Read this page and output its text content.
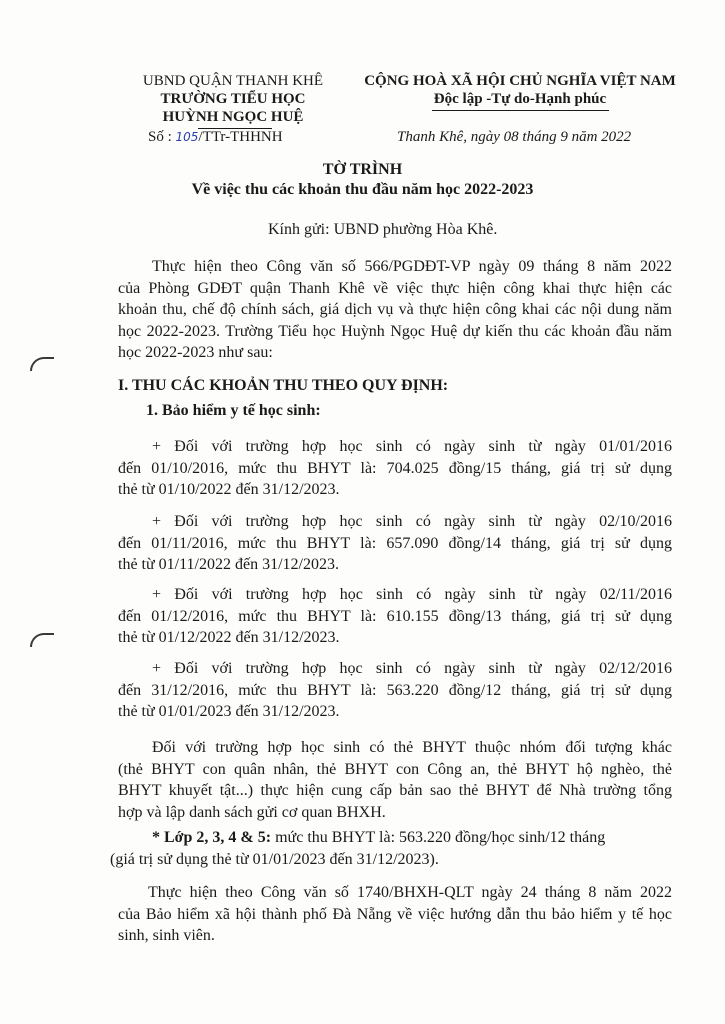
UBND QUẬN THANH KHÊ
TRƯỜNG TIỂU HỌC
HUỲNH NGỌC HUỆ
Số : 105/TTr-THHNH
CỘNG HOÀ XÃ HỘI CHỦ NGHĨA VIỆT NAM
Độc lập -Tự do-Hạnh phúc
Thanh Khê, ngày 08 tháng 9 năm 2022
TỜ TRÌNH
Về việc thu các khoản thu đầu năm học 2022-2023
Kính gửi: UBND phường Hòa Khê.
Thực hiện theo Công văn số 566/PGDĐT-VP ngày 09 tháng 8 năm 2022
của Phòng GDĐT quận Thanh Khê về việc thực hiện công khai thực hiện các
khoản thu, chế độ chính sách, giá dịch vụ và thực hiện công khai các nội dung năm
học 2022-2023. Trường Tiểu học Huỳnh Ngọc Huệ dự kiến thu các khoản đầu năm
học 2022-2023 như sau:
I. THU CÁC KHOẢN THU THEO QUY ĐỊNH:
1. Bảo hiểm y tế học sinh:
+ Đối với trường hợp học sinh có ngày sinh từ ngày 01/01/2016
đến 01/10/2016, mức thu BHYT là: 704.025 đồng/15 tháng, giá trị sử dụng
thẻ từ 01/10/2022 đến 31/12/2023.
+ Đối với trường hợp học sinh có ngày sinh từ ngày 02/10/2016
đến 01/11/2016, mức thu BHYT là: 657.090 đồng/14 tháng, giá trị sử dụng
thẻ từ 01/11/2022 đến 31/12/2023.
+ Đối với trường hợp học sinh có ngày sinh từ ngày 02/11/2016
đến 01/12/2016, mức thu BHYT là: 610.155 đồng/13 tháng, giá trị sử dụng
thẻ từ 01/12/2022 đến 31/12/2023.
+ Đối với trường hợp học sinh có ngày sinh từ ngày 02/12/2016
đến 31/12/2016, mức thu BHYT là: 563.220 đồng/12 tháng, giá trị sử dụng
thẻ từ 01/01/2023 đến 31/12/2023.
Đối với trường hợp học sinh có thẻ BHYT thuộc nhóm đối tượng khác
(thẻ BHYT con quân nhân, thẻ BHYT con Công an, thẻ BHYT hộ nghèo, thẻ
BHYT khuyết tật...) thực hiện cung cấp bản sao thẻ BHYT để Nhà trường tổng
hợp và lập danh sách gửi cơ quan BHXH.
* Lớp 2, 3, 4 & 5: mức thu BHYT là: 563.220 đồng/học sinh/12 tháng
(giá trị sử dụng thẻ từ 01/01/2023 đến 31/12/2023).
Thực hiện theo Công văn số 1740/BHXH-QLT ngày 24 tháng 8 năm 2022
của Bảo hiểm xã hội thành phố Đà Nẵng về việc hướng dẫn thu bảo hiểm y tế học
sinh, sinh viên.
